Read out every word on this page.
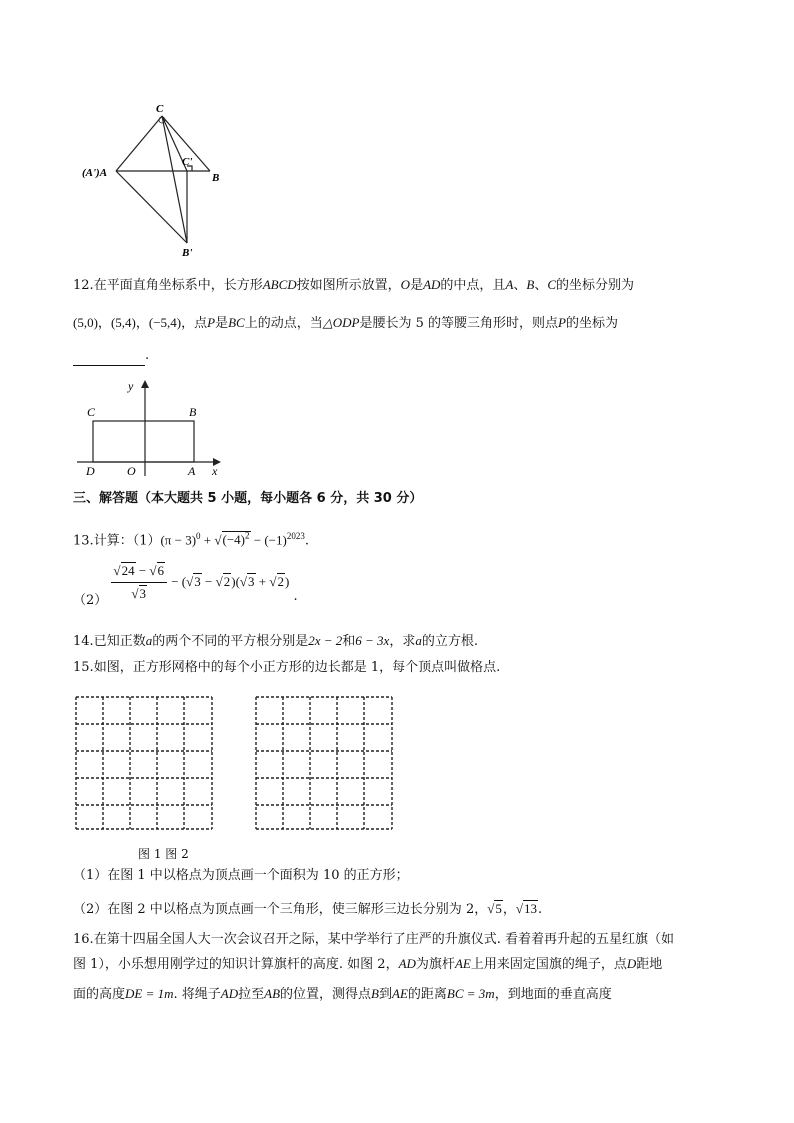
C
C'
(A')A	B
B'
12.在平面直角坐标系中，长方形ABCD按如图所示放置，O是AD的中点，且A、B、C的坐标分别为
(5,0)，(5,4)，(−5,4)，点P是BC上的动点，当△ODP是腰长为 5 的等腰三角形时，则点P的坐标为
.
y
x
C	B
D	O	A
三、解答题（本大题共 5 小题，每小题各 6 分，共 30 分）
13.计算：$(1)(\pi - 3)^0 + √(-4)^2 - (-1)^{2023}$.
$(2) \frac{√24 - √6}{√3} - (√3 - √2)(√3 + √2)$ .
14.已知正数a的两个不同的平方根分别是2x − 2和6 − 3x，求a的立方根.
15.如图，正方形网格中的每个小正方形的边长都是 1，每个顶点叫做格点.
图 1 图 2
（1）在图 1 中以格点为顶点画一个面积为 10 的正方形；
（2）在图 2 中以格点为顶点画一个三角形，使三解形三边长分别为 2，√5，√13.
16.在第十四届全国人大一次会议召开之际，某中学举行了庄严的升旗仪式. 看着着再升起的五星红旗（如
图 1），小乐想用刚学过的知识计算旗杆的高度. 如图 2，AD为旗杆AE上用来固定国旗的绳子，点D距地
面的高度DE = 1m. 将绳子AD拉至AB的位置，测得点B到AE的距离BC = 3m，到地面的垂直高度
